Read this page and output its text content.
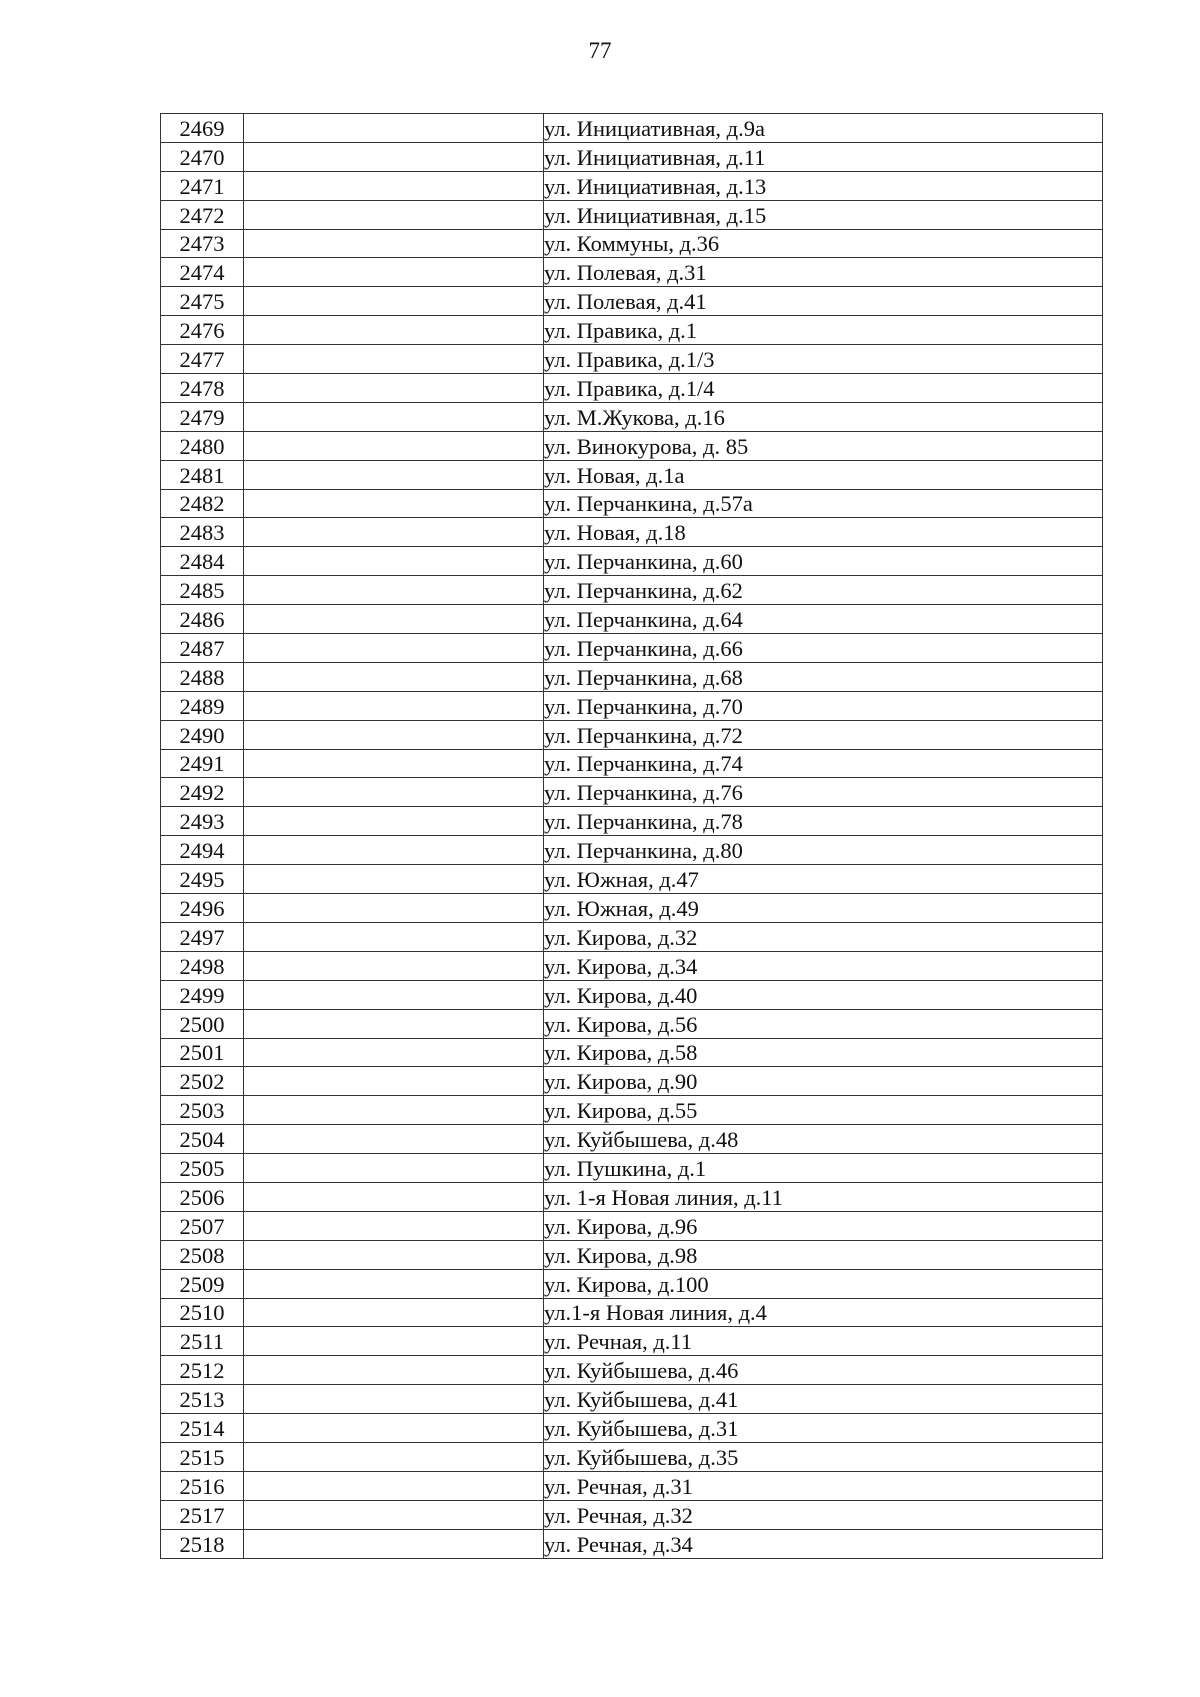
77
2469		ул. Инициативная, д.9а
2470		ул. Инициативная, д.11
2471		ул. Инициативная, д.13
2472		ул. Инициативная, д.15
2473		ул. Коммуны, д.36
2474		ул. Полевая, д.31
2475		ул. Полевая, д.41
2476		ул. Правика, д.1
2477		ул. Правика, д.1/3
2478		ул. Правика, д.1/4
2479		ул. М.Жукова, д.16
2480		ул. Винокурова, д. 85
2481		ул. Новая, д.1а
2482		ул. Перчанкина, д.57а
2483		ул. Новая, д.18
2484		ул. Перчанкина, д.60
2485		ул. Перчанкина, д.62
2486		ул. Перчанкина, д.64
2487		ул. Перчанкина, д.66
2488		ул. Перчанкина, д.68
2489		ул. Перчанкина, д.70
2490		ул. Перчанкина, д.72
2491		ул. Перчанкина, д.74
2492		ул. Перчанкина, д.76
2493		ул. Перчанкина, д.78
2494		ул. Перчанкина, д.80
2495		ул. Южная, д.47
2496		ул. Южная, д.49
2497		ул. Кирова, д.32
2498		ул. Кирова, д.34
2499		ул. Кирова, д.40
2500		ул. Кирова, д.56
2501		ул. Кирова, д.58
2502		ул. Кирова, д.90
2503		ул. Кирова, д.55
2504		ул. Куйбышева, д.48
2505		ул. Пушкина, д.1
2506		ул. 1-я Новая линия, д.11
2507		ул. Кирова, д.96
2508		ул. Кирова, д.98
2509		ул. Кирова, д.100
2510		ул.1-я Новая линия, д.4
2511		ул. Речная, д.11
2512		ул. Куйбышева, д.46
2513		ул. Куйбышева, д.41
2514		ул. Куйбышева, д.31
2515		ул. Куйбышева, д.35
2516		ул. Речная, д.31
2517		ул. Речная, д.32
2518		ул. Речная, д.34
